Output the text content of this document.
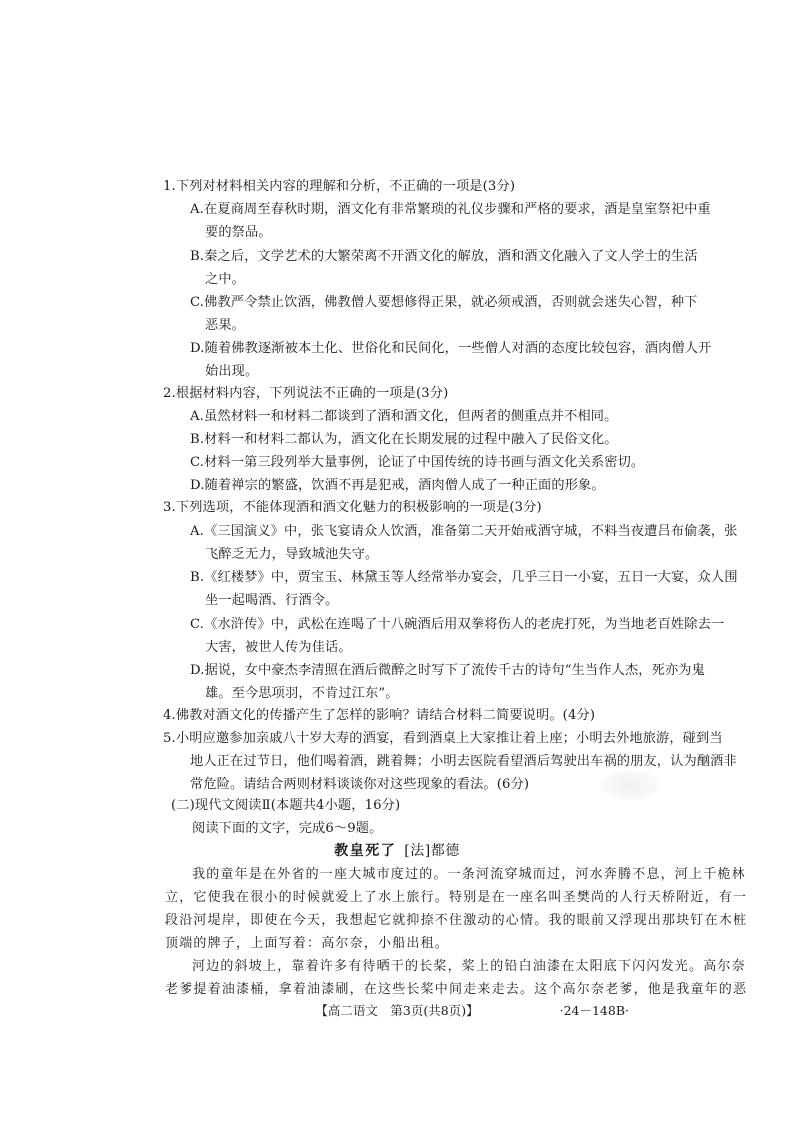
1.下列对材料相关内容的理解和分析，不正确的一项是(3分)
A.在夏商周至春秋时期，酒文化有非常繁琐的礼仪步骤和严格的要求，酒是皇室祭祀中重
要的祭品。
B.秦之后，文学艺术的大繁荣离不开酒文化的解放，酒和酒文化融入了文人学士的生活
之中。
C.佛教严令禁止饮酒，佛教僧人要想修得正果，就必须戒酒，否则就会迷失心智，种下
恶果。
D.随着佛教逐渐被本土化、世俗化和民间化，一些僧人对酒的态度比较包容，酒肉僧人开
始出现。
2.根据材料内容，下列说法不正确的一项是(3分)
A.虽然材料一和材料二都谈到了酒和酒文化，但两者的侧重点并不相同。
B.材料一和材料二都认为，酒文化在长期发展的过程中融入了民俗文化。
C.材料一第三段列举大量事例，论证了中国传统的诗书画与酒文化关系密切。
D.随着禅宗的繁盛，饮酒不再是犯戒，酒肉僧人成了一种正面的形象。
3.下列选项，不能体现酒和酒文化魅力的积极影响的一项是(3分)
A.《三国演义》中，张飞宴请众人饮酒，准备第二天开始戒酒守城，不料当夜遭吕布偷袭，张
飞醉乏无力，导致城池失守。
B.《红楼梦》中，贾宝玉、林黛玉等人经常举办宴会，几乎三日一小宴，五日一大宴，众人围
坐一起喝酒、行酒令。
C.《水浒传》中，武松在连喝了十八碗酒后用双拳将伤人的老虎打死，为当地老百姓除去一
大害，被世人传为佳话。
D.据说，女中豪杰李清照在酒后微醉之时写下了流传千古的诗句“生当作人杰，死亦为鬼
雄。至今思项羽，不肯过江东”。
4.佛教对酒文化的传播产生了怎样的影响？请结合材料二简要说明。(4分)
5.小明应邀参加亲戚八十岁大寿的酒宴，看到酒桌上大家推让着上座；小明去外地旅游，碰到当
地人正在过节日，他们喝着酒，跳着舞；小明去医院看望酒后驾驶出车祸的朋友，认为酗酒非
常危险。请结合两则材料谈谈你对这些现象的看法。(6分)
(二)现代文阅读Ⅱ(本题共4小题，16分)
阅读下面的文字，完成6～9题。
教皇死了 [法]都德
我的童年是在外省的一座大城市度过的。一条河流穿城而过，河水奔腾不息，河上千桅林
立，它使我在很小的时候就爱上了水上旅行。特别是在一座名叫圣樊尚的人行天桥附近，有一
段沿河堤岸，即使在今天，我想起它就抑捺不住激动的心情。我的眼前又浮现出那块钉在木桩
顶端的牌子，上面写着：高尔奈，小船出租。
河边的斜坡上，靠着许多有待晒干的长桨，桨上的铅白油漆在太阳底下闪闪发光。高尔奈
老爹提着油漆桶，拿着油漆刷，在这些长桨中间走来走去。这个高尔奈老爹，他是我童年的恶
【高二语文　第3页(共8页)】	·24－148B·
